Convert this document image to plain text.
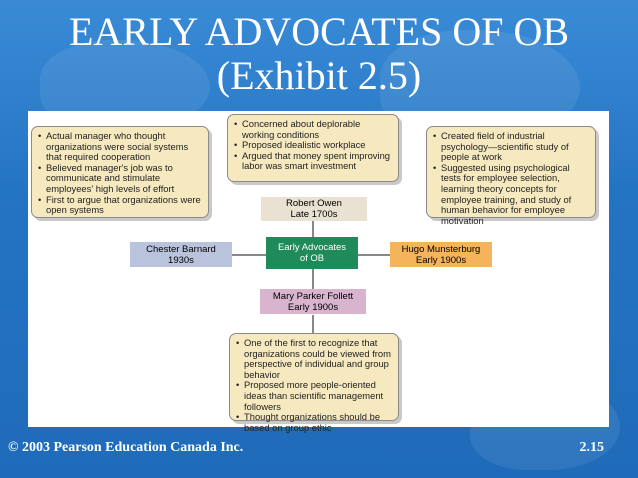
EARLY ADVOCATES OF OB
(Exhibit 2.5)
• Concerned about deplorable working conditions
• Proposed idealistic workplace
• Argued that money spent improving labor was smart investment
• Actual manager who thought organizations were social systems that required cooperation
• Believed manager's job was to communicate and stimulate employees' high levels of effort
• First to argue that organizations were open systems
• Created field of industrial psychology—scientific study of people at work
• Suggested using psychological tests for employee selection, learning theory concepts for employee training, and study of human behavior for employee motivation
• One of the first to recognize that organizations could be viewed from perspective of individual and group behavior
• Proposed more people-oriented ideas than scientific management followers
• Thought organizations should be based on group ethic
Robert Owen
Late 1700s
Early Advocates
of OB
Chester Barnard
1930s
Hugo Munsterburg
Early 1900s
Mary Parker Follett
Early 1900s
© 2003 Pearson Education Canada Inc.	2.15
